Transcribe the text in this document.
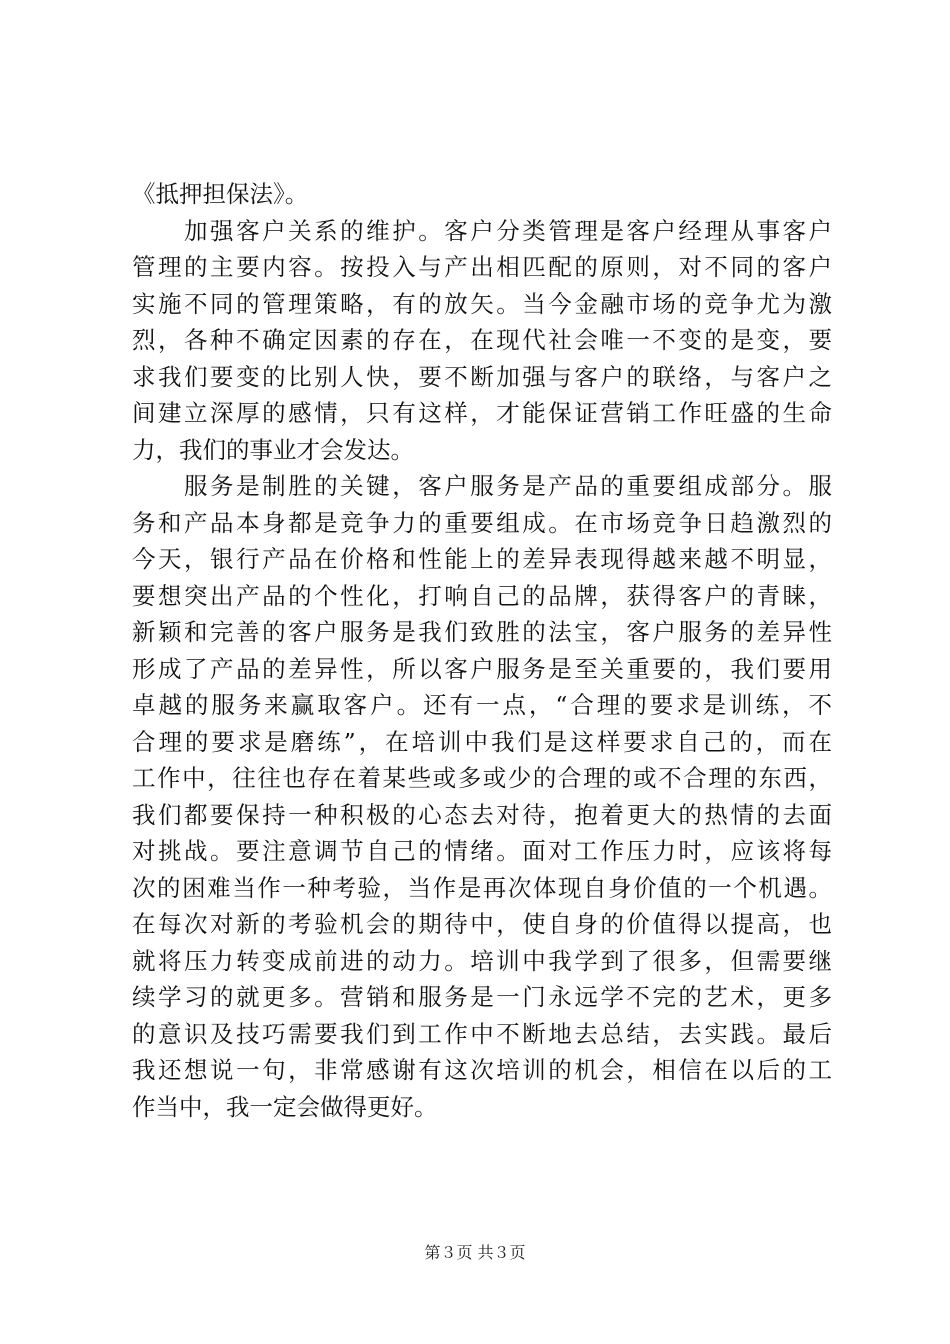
《抵押担保法》。
　　加强客户关系的维护。客户分类管理是客户经理从事客户
管理的主要内容。按投入与产出相匹配的原则，对不同的客户
实施不同的管理策略，有的放矢。当今金融市场的竞争尤为激
烈，各种不确定因素的存在，在现代社会唯一不变的是变，要
求我们要变的比别人快，要不断加强与客户的联络，与客户之
间建立深厚的感情，只有这样，才能保证营销工作旺盛的生命
力，我们的事业才会发达。
　　服务是制胜的关键，客户服务是产品的重要组成部分。服
务和产品本身都是竞争力的重要组成。在市场竞争日趋激烈的
今天，银行产品在价格和性能上的差异表现得越来越不明显，
要想突出产品的个性化，打响自己的品牌，获得客户的青睐，
新颖和完善的客户服务是我们致胜的法宝，客户服务的差异性
形成了产品的差异性，所以客户服务是至关重要的，我们要用
卓越的服务来赢取客户。还有一点，“合理的要求是训练，不
合理的要求是磨练”，在培训中我们是这样要求自己的，而在
工作中，往往也存在着某些或多或少的合理的或不合理的东西，
我们都要保持一种积极的心态去对待，抱着更大的热情的去面
对挑战。要注意调节自己的情绪。面对工作压力时，应该将每
次的困难当作一种考验，当作是再次体现自身价值的一个机遇。
在每次对新的考验机会的期待中，使自身的价值得以提高，也
就将压力转变成前进的动力。培训中我学到了很多，但需要继
续学习的就更多。营销和服务是一门永远学不完的艺术，更多
的意识及技巧需要我们到工作中不断地去总结，去实践。最后
我还想说一句，非常感谢有这次培训的机会，相信在以后的工
作当中，我一定会做得更好。
第３页 共３页
